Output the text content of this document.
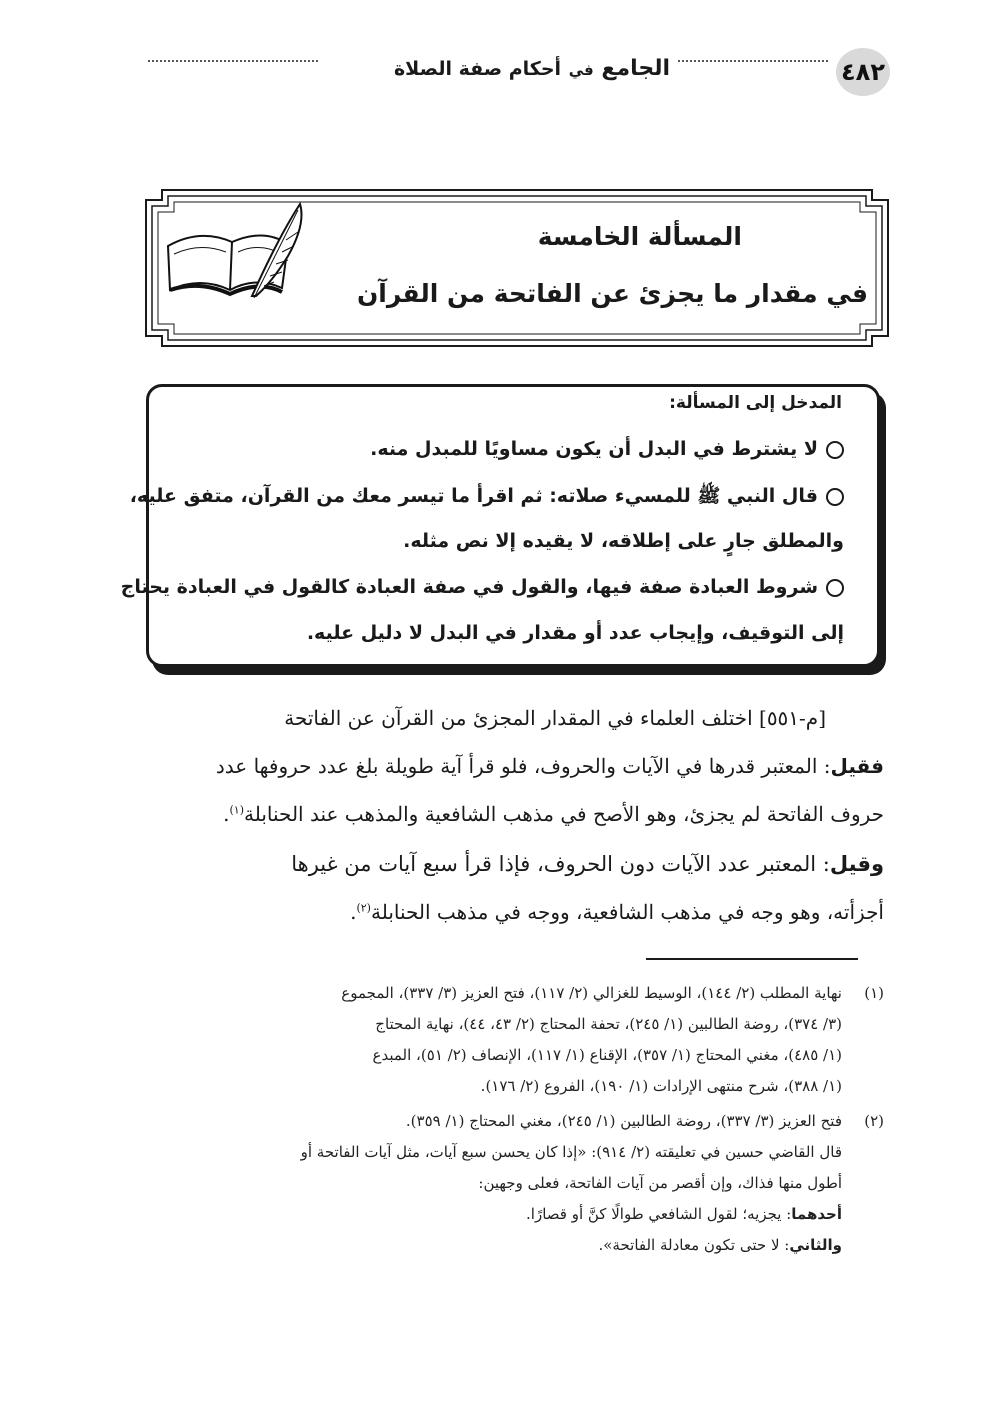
٤٨٢
الجامع في أحكام صفة الصلاة
المسألة الخامسة
في مقدار ما يجزئ عن الفاتحة من القرآن
المدخل إلى المسألة:
لا يشترط في البدل أن يكون مساويًا للمبدل منه.
قال النبي ﷺ للمسيء صلاته: ثم اقرأ ما تيسر معك من القرآن، متفق عليه،
والمطلق جارٍ على إطلاقه، لا يقيده إلا نص مثله.
شروط العبادة صفة فيها، والقول في صفة العبادة كالقول في العبادة يحتاج
إلى التوقيف، وإيجاب عدد أو مقدار في البدل لا دليل عليه.
[م-٥٥١] اختلف العلماء في المقدار المجزئ من القرآن عن الفاتحة
فقيل: المعتبر قدرها في الآيات والحروف، فلو قرأ آية طويلة بلغ عدد حروفها عدد
حروف الفاتحة لم يجزئ، وهو الأصح في مذهب الشافعية والمذهب عند الحنابلة$^{(١)}$.
وقيل: المعتبر عدد الآيات دون الحروف، فإذا قرأ سبع آيات من غيرها
أجزأته، وهو وجه في مذهب الشافعية، ووجه في مذهب الحنابلة$^{(٢)}$.
(١)
نهاية المطلب (٢/ ١٤٤)، الوسيط للغزالي (٢/ ١١٧)، فتح العزيز (٣/ ٣٣٧)، المجموع
(٣/ ٣٧٤)، روضة الطالبين (١/ ٢٤٥)، تحفة المحتاج (٢/ ٤٣، ٤٤)، نهاية المحتاج
(١/ ٤٨٥)، مغني المحتاج (١/ ٣٥٧)، الإقناع (١/ ١١٧)، الإنصاف (٢/ ٥١)، المبدع
(١/ ٣٨٨)، شرح منتهى الإرادات (١/ ١٩٠)، الفروع (٢/ ١٧٦).
(٢)
فتح العزيز (٣/ ٣٣٧)، روضة الطالبين (١/ ٢٤٥)، مغني المحتاج (١/ ٣٥٩).
قال القاضي حسين في تعليقته (٢/ ٩١٤): «إذا كان يحسن سبع آيات، مثل آيات الفاتحة أو
أطول منها فذاك، وإن أقصر من آيات الفاتحة، فعلى وجهين:
أحدهما: يجزيه؛ لقول الشافعي طوالًا كنَّ أو قصارًا.
والثاني: لا حتى تكون معادلة الفاتحة».
